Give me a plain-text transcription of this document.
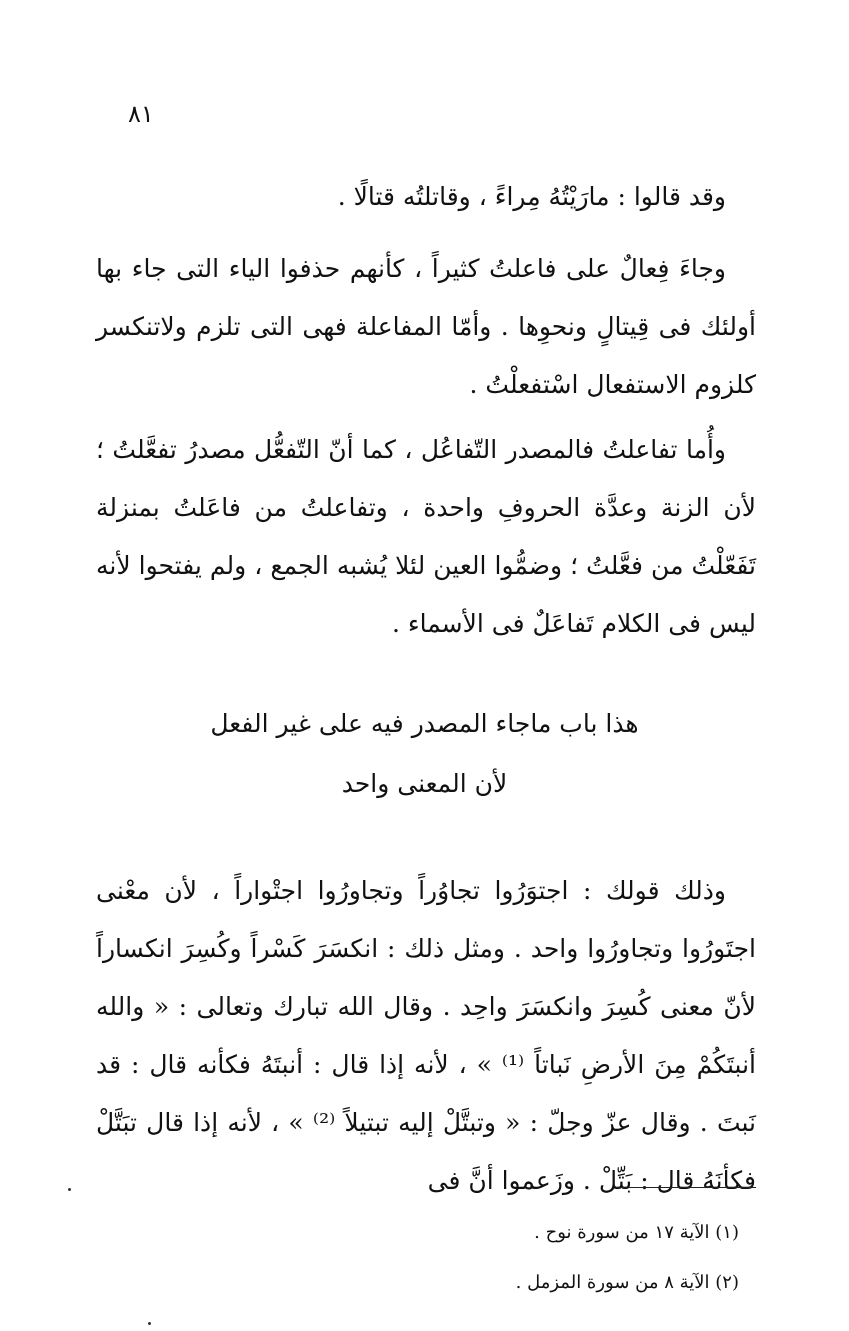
٨١

وقد قالوا : مارَيْتُهُ مِراءً ، وقاتلتُه قتالًا .

وجاءَ فِعالٌ على فاعلتُ كثيراً ، كأنهم حذفوا الياء التى جاء بها أولئك فى قِيتالٍ ونحوِها . وأمّا المفاعلة فهى التى تلزم ولاتنكسر كلزوم الاستفعال اسْتفعلْتُ .

وأُما تفاعلتُ فالمصدر التّفاعُل ، كما أنّ التّفعُّل مصدرُ تفعَّلتُ ؛ لأن الزنة وعدَّة الحروفِ واحدة ، وتفاعلتُ من فاعَلتُ بمنزلة تَفَعّلْتُ من فعَّلتُ ؛ وضمُّوا العين لئلا يُشبه الجمع ، ولم يفتحوا لأنه ليس فى الكلام تَفاعَلٌ فى الأسماء .

هذا باب ماجاء المصدر فيه على غير الفعل
لأن المعنى واحد

وذلك قولك : اجتوَرُوا تجاوُراً وتجاورُوا اجتْواراً ، لأن معْنى اجتَورُوا وتجاورُوا واحد . ومثل ذلك : انكسَرَ كَسْراً وكُسِرَ انكساراً لأنّ معنى كُسِرَ وانكسَرَ واحِد . وقال الله تبارك وتعالى : « والله أنبتَكُمْ مِنَ الأرضِ نَباتاً ⁽¹⁾ » ، لأنه إذا قال : أنبتَهُ فكأنه قال : قد نَبتَ . وقال عزّ وجلّ : « وتبتَّلْ إليه تبتيلاً ⁽²⁾ » ، لأنه إذا قال تبَتَّلْ فكأنَهُ قال : بَتِّلْ . وزَعموا أنَّ فى

(١) الآية ١٧ من سورة نوح .
(٢) الآية ٨ من سورة المزمل .
